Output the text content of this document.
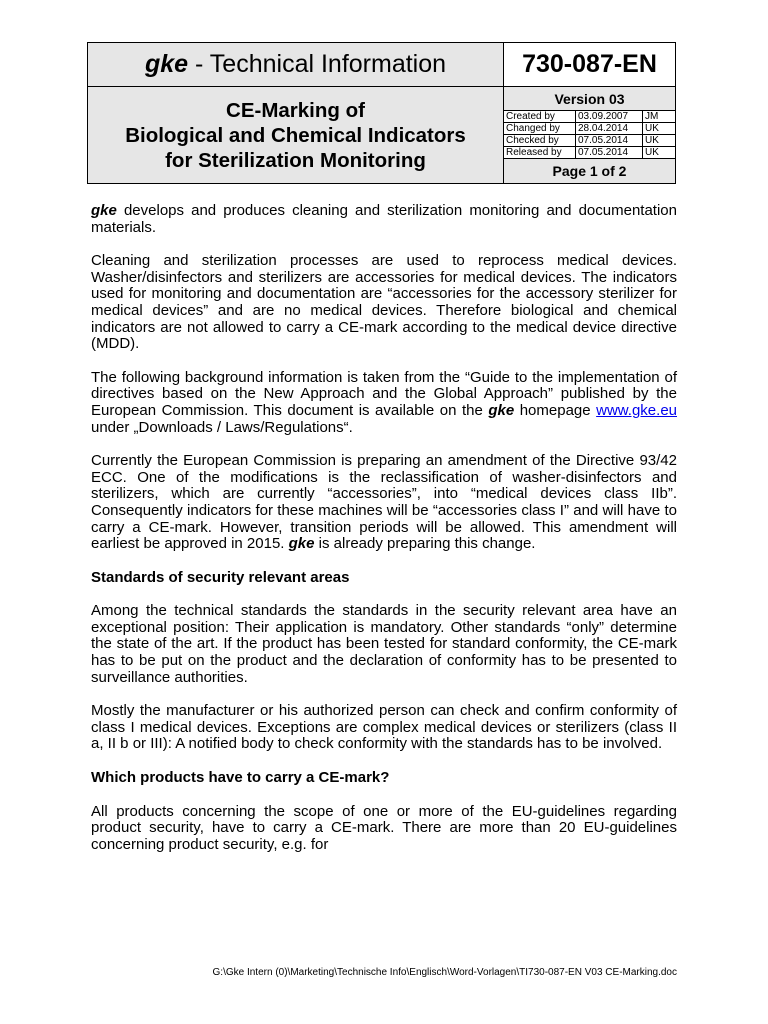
gke
- Technical Information	730-087-EN
CE-Marking of
Biological and Chemical Indicators
for Sterilization Monitoring
Version 03
Created by	03.09.2007	JM
Changed by	28.04.2014	UK
Checked by	07.05.2014	UK
Released by	07.05.2014	UK
Page 1 of 2

gke develops and produces cleaning and sterilization monitoring and documentation materials.

Cleaning and sterilization processes are used to reprocess medical devices. Washer/disinfectors and sterilizers are accessories for medical devices. The indicators used for monitoring and documentation are “accessories for the accessory sterilizer for medical devices” and are no medical devices. Therefore biological and chemical indicators are not allowed to carry a CE-mark according to the medical device directive (MDD).

The following background information is taken from the “Guide to the implementation of directives based on the New Approach and the Global Approach” published by the European Commission. This document is available on the gke homepage www.gke.eu under „Downloads / Laws/Regulations“.

Currently the European Commission is preparing an amendment of the Directive 93/42 ECC. One of the modifications is the reclassification of washer-disinfectors and sterilizers, which are currently “accessories”, into “medical devices class IIb”. Consequently indicators for these machines will be “accessories class I” and will have to carry a CE-mark. However, transition periods will be allowed. This amendment will earliest be approved in 2015. gke is already preparing this change.

Standards of security relevant areas

Among the technical standards the standards in the security relevant area have an exceptional position: Their application is mandatory. Other standards “only” determine the state of the art. If the product has been tested for standard conformity, the CE-mark has to be put on the product and the declaration of conformity has to be presented to surveillance authorities.

Mostly the manufacturer or his authorized person can check and confirm conformity of class I medical devices. Exceptions are complex medical devices or sterilizers (class II a, II b or III): A notified body to check conformity with the standards has to be involved.

Which products have to carry a CE-mark?

All products concerning the scope of one or more of the EU-guidelines regarding product security, have to carry a CE-mark. There are more than 20 EU-guidelines concerning product security, e.g. for

G:\Gke Intern (0)\Marketing\Technische Info\Englisch\Word-Vorlagen\TI730-087-EN V03 CE-Marking.doc
